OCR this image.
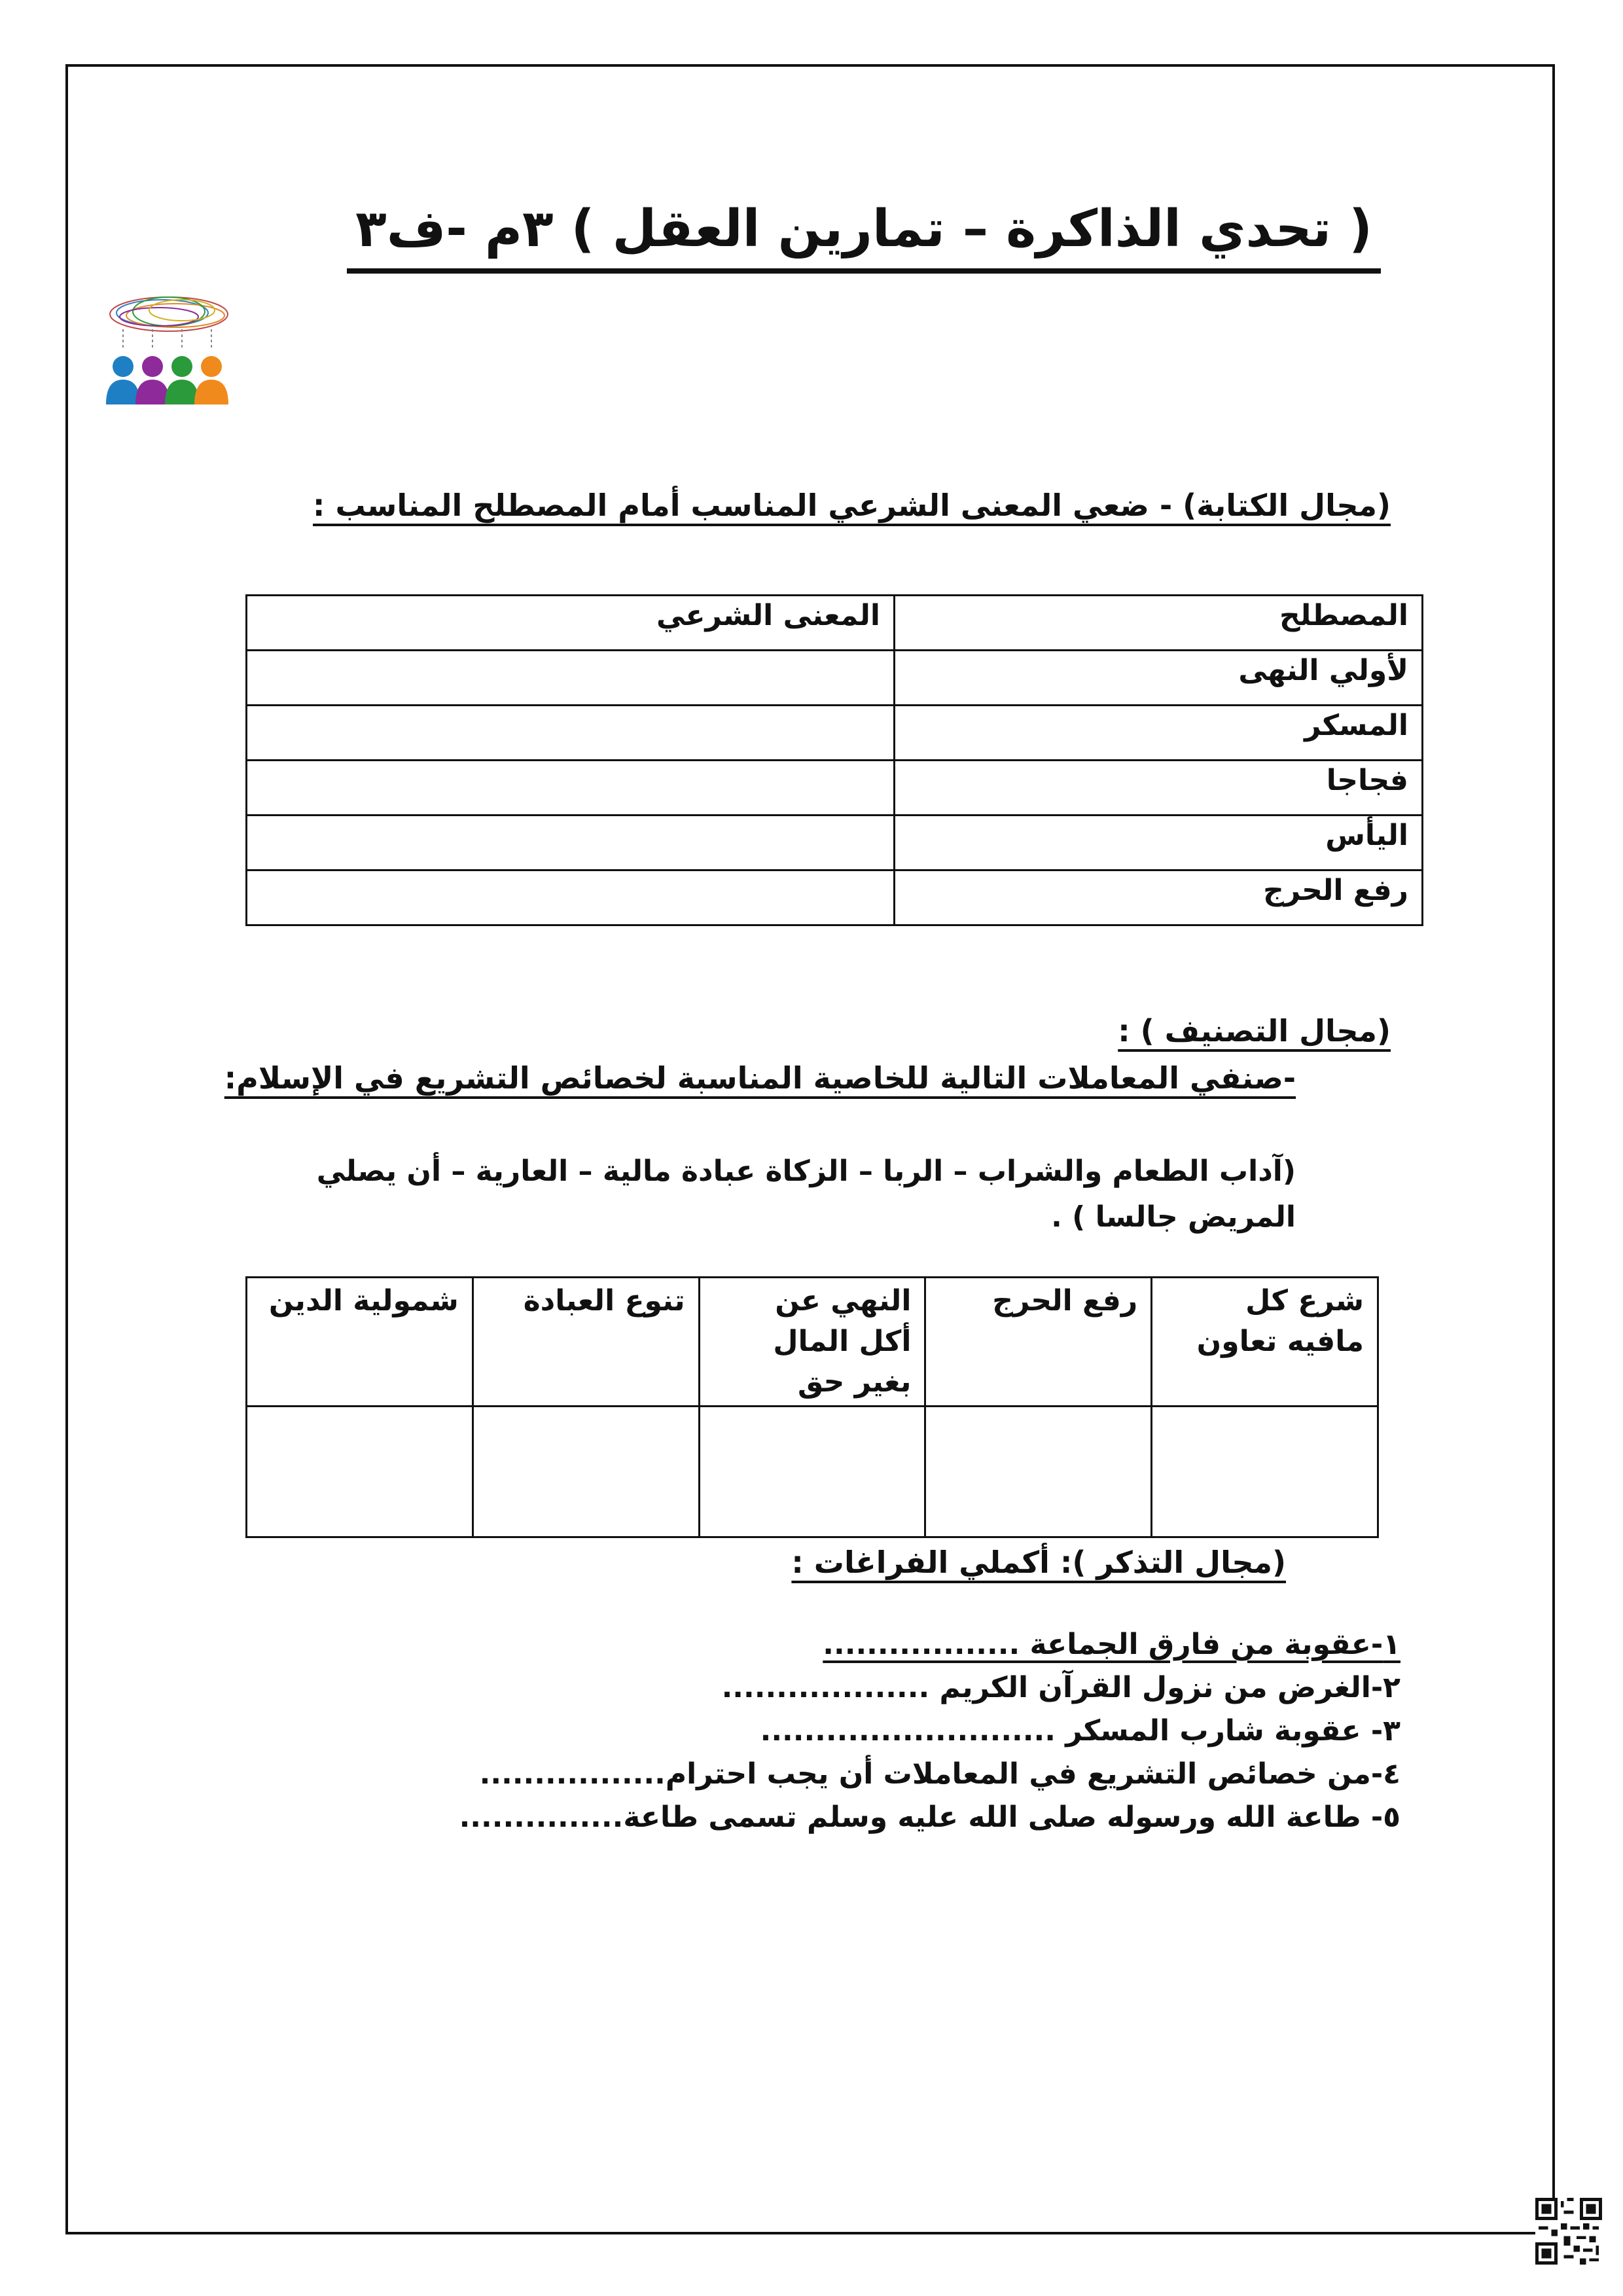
( تحدي الذاكرة – تمارين العقل ) ٣م -ف٣

(مجال الكتابة) - ضعي المعنى الشرعي المناسب أمام المصطلح المناسب :

المصطلح	المعنى الشرعي
لأولي النهى	
المسكر	
فجاجا	
اليأس	
رفع الحرج	

(مجال التصنيف ) :

-صنفي المعاملات التالية للخاصية المناسبة لخصائص التشريع في الإسلام:

(آداب الطعام والشراب – الربا – الزكاة عبادة مالية – العارية – أن يصلي المريض جالسا ) .

شرع كل مافيه تعاون	رفع الحرج	النهي عن أكل المال بغير حق	تنوع العبادة	شمولية الدين

(مجال التذكر ): أكملي الفراغات :

١-عقوبة من فارق الجماعة ..................
٢-الغرض من نزول القرآن الكريم ...................
٣- عقوبة شارب المسكر ...........................
٤-من خصائص التشريع في المعاملات أن يجب احترام.................
٥- طاعة الله ورسوله صلى الله عليه وسلم تسمى طاعة...............
